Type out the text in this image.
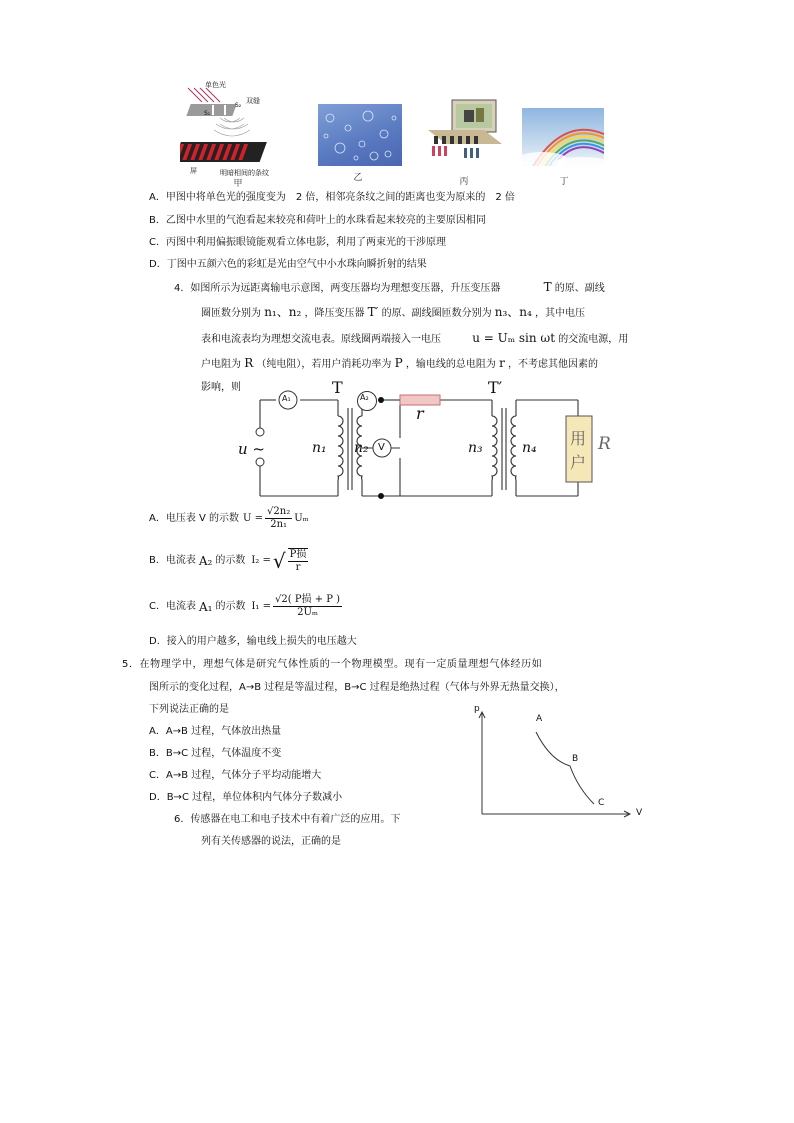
单色光
双缝
S₁
S₂
屏	明暗相间的条纹
甲
乙	丙	丁
A．甲图中将单色光的强度变为　2 倍，相邻亮条纹之间的距离也变为原来的　2 倍
B．乙图中水里的气泡看起来较亮和荷叶上的水珠看起来较亮的主要原因相同
C．丙图中利用偏振眼镜能观看立体电影，利用了两束光的干涉原理
D．丁图中五颜六色的彩虹是光由空气中小水珠向瞬折射的结果
4．如图所示为远距离输电示意图，两变压器均为理想变压器，升压变压器	T 的原、副线
圈匝数分别为 n₁、n₂ ，降压变压器 T′ 的原、副线圈匝数分别为 n₃、n₄ ，其中电压
表和电流表均为理想交流电表。原线圈两端接入一电压	u = Uₘ sin ωt 的交流电源，用
户电阻为 R （纯电阻），若用户消耗功率为 P ，输电线的总电阻为 r ，不考虑其他因素的
影响，则
A₂
A₁
u ~
T	T′
n₁ n₂ V
r
n₃	n₄ 用
户
R
A．电压表 V 的示数 $U = \frac{\text{√2n₂}}{\text{2n₁}}$ Uₘ
B．电流表 A₂ 的示数 I₂ = √ $\frac{\text{P损}}{r}$
C．电流表 A₁ 的示数 $I_1 = \frac{\text{√2( P损 + P )}}{\text{2Uₘ}}$
D．接入的用户越多，输电线上损失的电压越大
5．在物理学中，理想气体是研究气体性质的一个物理模型。现有一定质量理想气体经历如
图所示的变化过程，A→B 过程是等温过程，B→C 过程是绝热过程（气体与外界无热量交换），
下列说法正确的是
A．A→B 过程，气体放出热量
B．B→C 过程，气体温度不变
C．A→B 过程，气体分子平均动能增大
D．B→C 过程，单位体积内气体分子数减小
p
V
A
B
C
6．传感器在电工和电子技术中有着广泛的应用。下
列有关传感器的说法，正确的是
